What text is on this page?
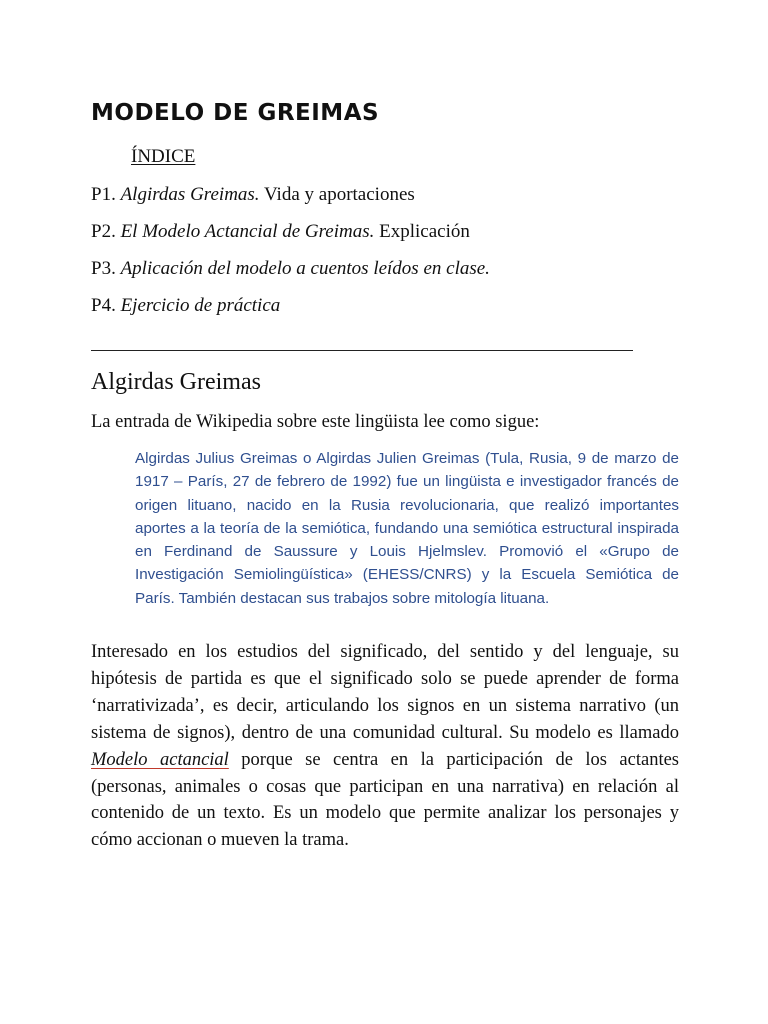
MODELO DE GREIMAS
ÍNDICE
P1. Algirdas Greimas. Vida y aportaciones
P2. El Modelo Actancial de Greimas. Explicación
P3. Aplicación del modelo a cuentos leídos en clase.
P4. Ejercicio de práctica
Algirdas Greimas
La entrada de Wikipedia sobre este lingüista lee como sigue:
Algirdas Julius Greimas o Algirdas Julien Greimas (Tula, Rusia, 9 de marzo de 1917 – París, 27 de febrero de 1992) fue un lingüista e investigador francés de origen lituano, nacido en la Rusia revolucionaria, que realizó importantes aportes a la teoría de la semiótica, fundando una semiótica estructural inspirada en Ferdinand de Saussure y Louis Hjelmslev. Promovió el «Grupo de Investigación Semiolingüística» (EHESS/CNRS) y la Escuela Semiótica de París. También destacan sus trabajos sobre mitología lituana.

Interesado en los estudios del significado, del sentido y del lenguaje, su hipótesis de partida es que el significado solo se puede aprender de forma ‘narrativizada’, es decir, articulando los signos en un sistema narrativo (un sistema de signos), dentro de una comunidad cultural. Su modelo es llamado Modelo actancial porque se centra en la participación de los actantes (personas, animales o cosas que participan en una narrativa) en relación al contenido de un texto. Es un modelo que permite analizar los personajes y cómo accionan o mueven la trama.
